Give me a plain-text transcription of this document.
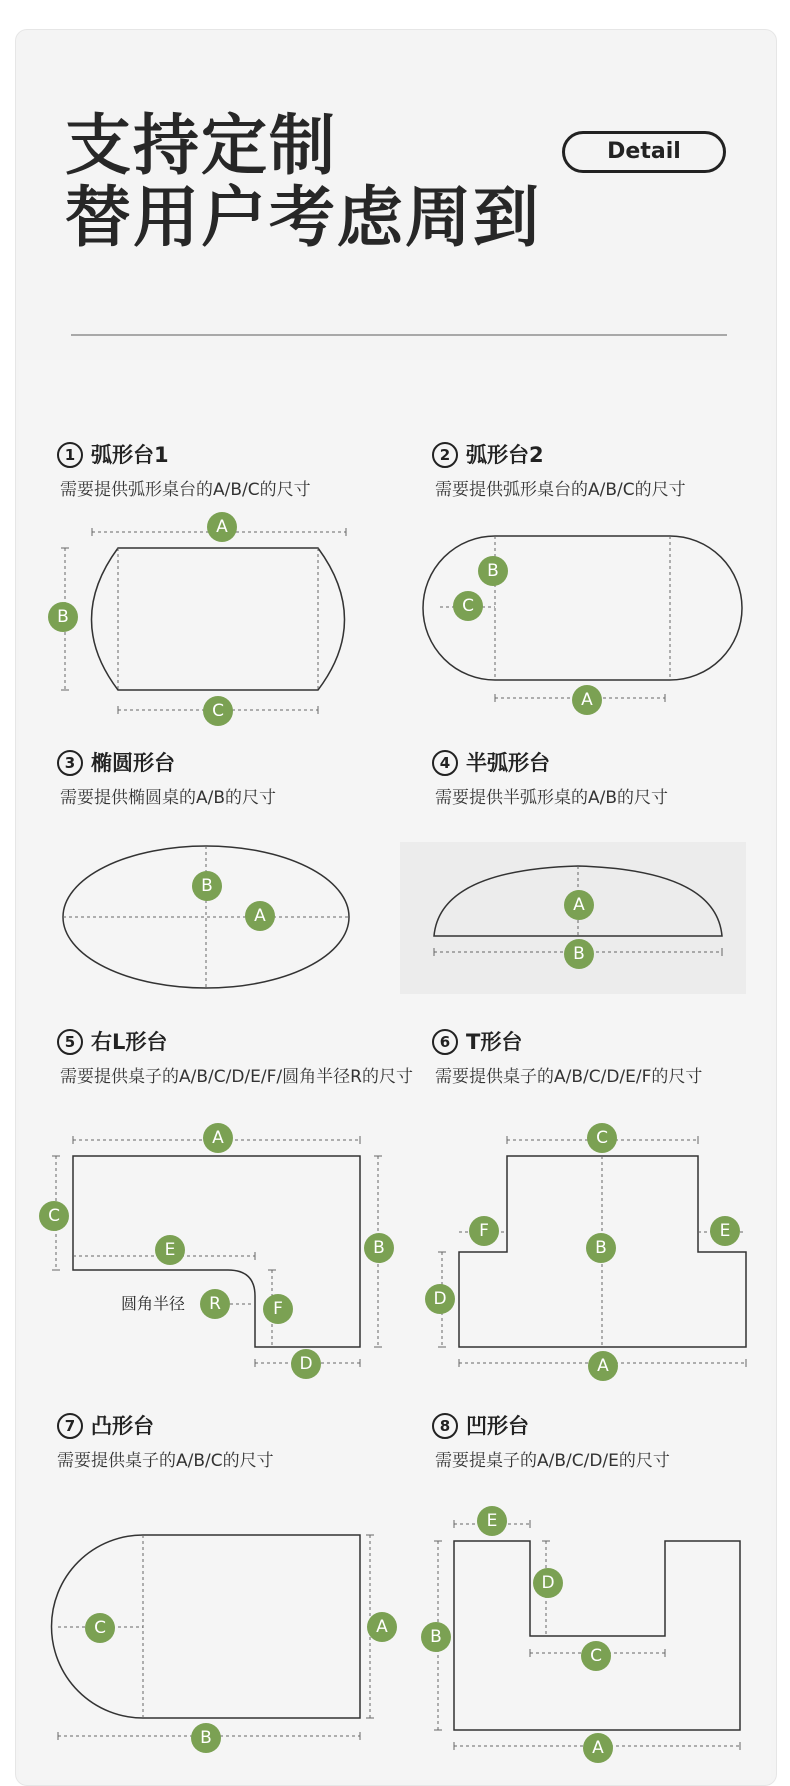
支持定制
替用户考虑周到
Detail
1 弧形台1
需要提供弧形桌台的A/B/C的尺寸
2 弧形台2
需要提供弧形桌台的A/B/C的尺寸
3 椭圆形台
需要提供椭圆桌的A/B的尺寸
4 半弧形台
需要提供半弧形桌的A/B的尺寸
5 右L形台
需要提供桌子的A/B/C/D/E/F/圆角半径R的尺寸
6 T形台
需要提供桌子的A/B/C/D/E/F的尺寸
7 凸形台
需要提供桌子的A/B/C的尺寸
8 凹形台
需要提桌子的A/B/C/D/E的尺寸
A
B
C
B
C
A
B
A
A
B
A
B
C
E
R	F
D
圆角半径
C
F	E
B
D
A
C	A
B
E
D
B
C
A
